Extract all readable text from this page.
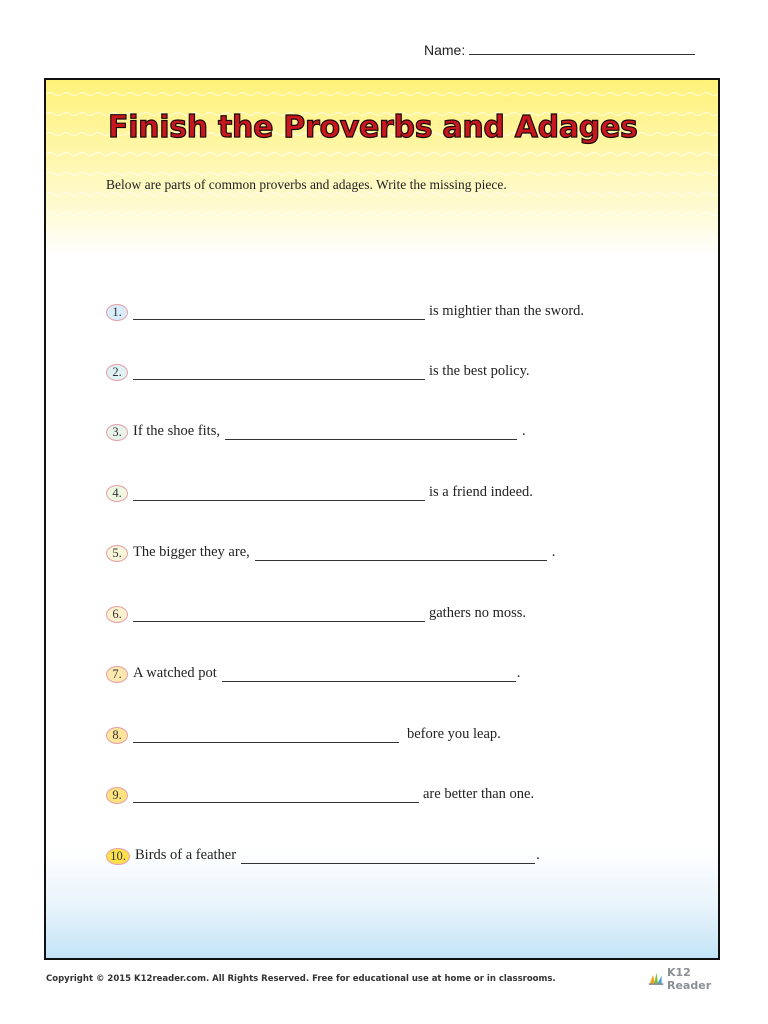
Name:
Finish the Proverbs and Adages
Below are parts of common proverbs and adages. Write the missing piece.
1.	is mightier than the sword.
2.	is the best policy.
3. If the shoe fits,	.
4.	is a friend indeed.
5. The bigger they are,	.
6.	gathers no moss.
7. A watched pot	.
8.	before you leap.
9.	are better than one.
10. Birds of a feather	.
Copyright © 2015 K12reader.com. All Rights Reserved. Free for educational use at home or in classrooms.	K12 Reader
